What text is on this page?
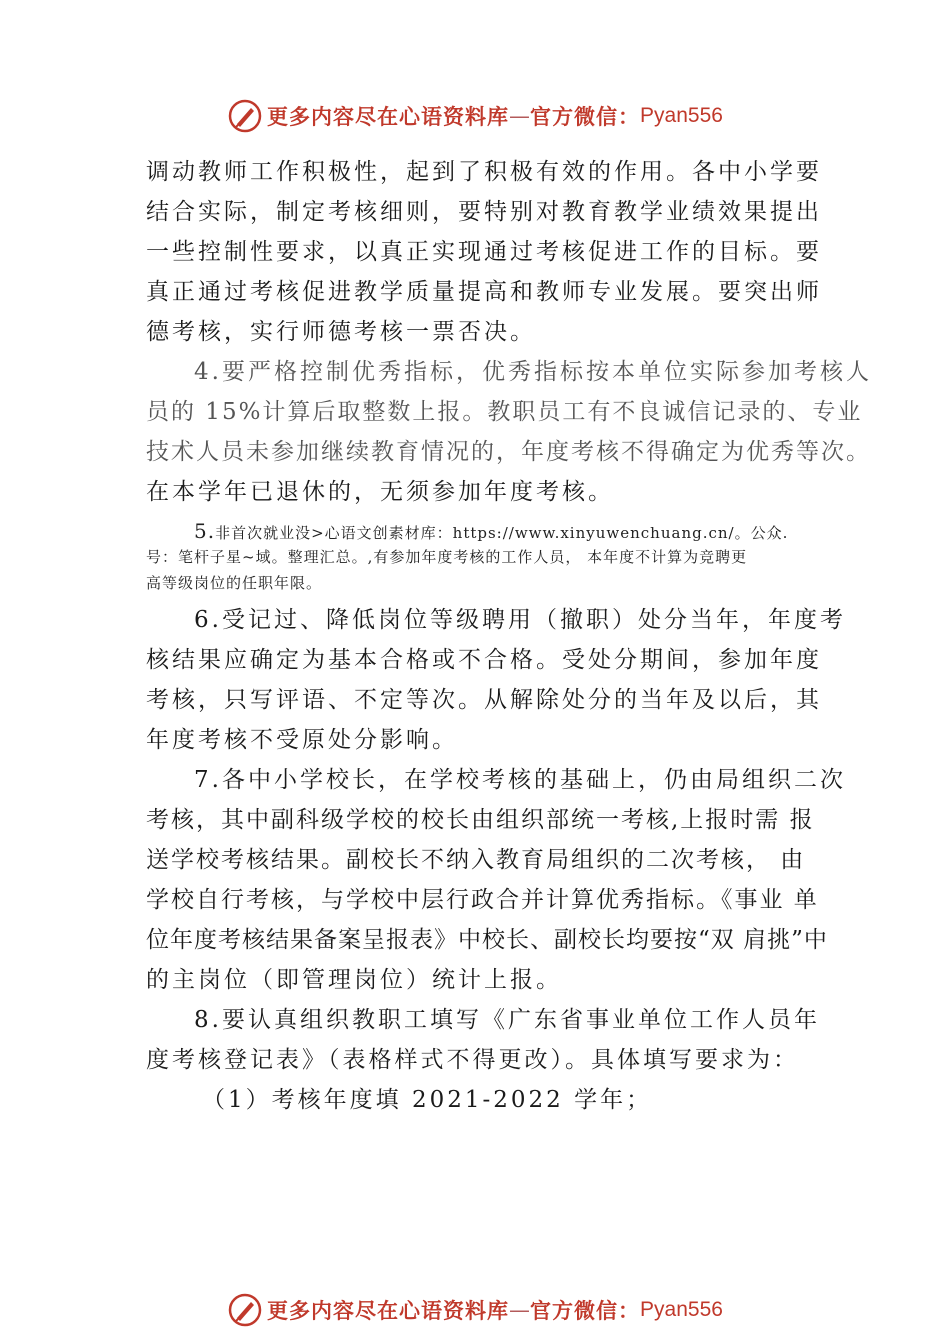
更多内容尽在心语资料库 — 官方微信： Pyan556
调动教师工作积极性，起到了积极有效的作用。各中小学要
结合实际，制定考核细则，要特别对教育教学业绩效果提出
一些控制性要求，以真正实现通过考核促进工作的目标。要
真正通过考核促进教学质量提高和教师专业发展。要突出师
德考核，实行师德考核一票否决。
4.要严格控制优秀指标，优秀指标按本单位实际参加考核人
员的 15%计算后取整数上报。教职员工有不良诚信记录的、专业
技术人员未参加继续教育情况的，年度考核不得确定为优秀等次。
在本学年已退休的，无须参加年度考核。
5.非首次就业没>心语文创素材库：https://www.xinyuwenchuang.cn/。公众.
号：笔杆子星~域。整理汇总。,有参加年度考核的工作人员， 本年度不计算为竞聘更
高等级岗位的任职年限。
6.受记过、降低岗位等级聘用（撤职）处分当年，年度考
核结果应确定为基本合格或不合格。受处分期间，参加年度
考核，只写评语、不定等次。从解除处分的当年及以后，其
年度考核不受原处分影响。
7.各中小学校长，在学校考核的基础上，仍由局组织二次
考核，其中副科级学校的校长由组织部统一考核,上报时需 报
送学校考核结果。副校长不纳入教育局组织的二次考核， 由
学校自行考核，与学校中层行政合并计算优秀指标。《事业 单
位年度考核结果备案呈报表》中校长、副校长均要按“双 肩挑”中
的主岗位（即管理岗位）统计上报。
8.要认真组织教职工填写《广东省事业单位工作人员年
度考核登记表》（表格样式不得更改）。具体填写要求为：
（1）考核年度填 2021-2022 学年；
更多内容尽在心语资料库 — 官方微信： Pyan556
